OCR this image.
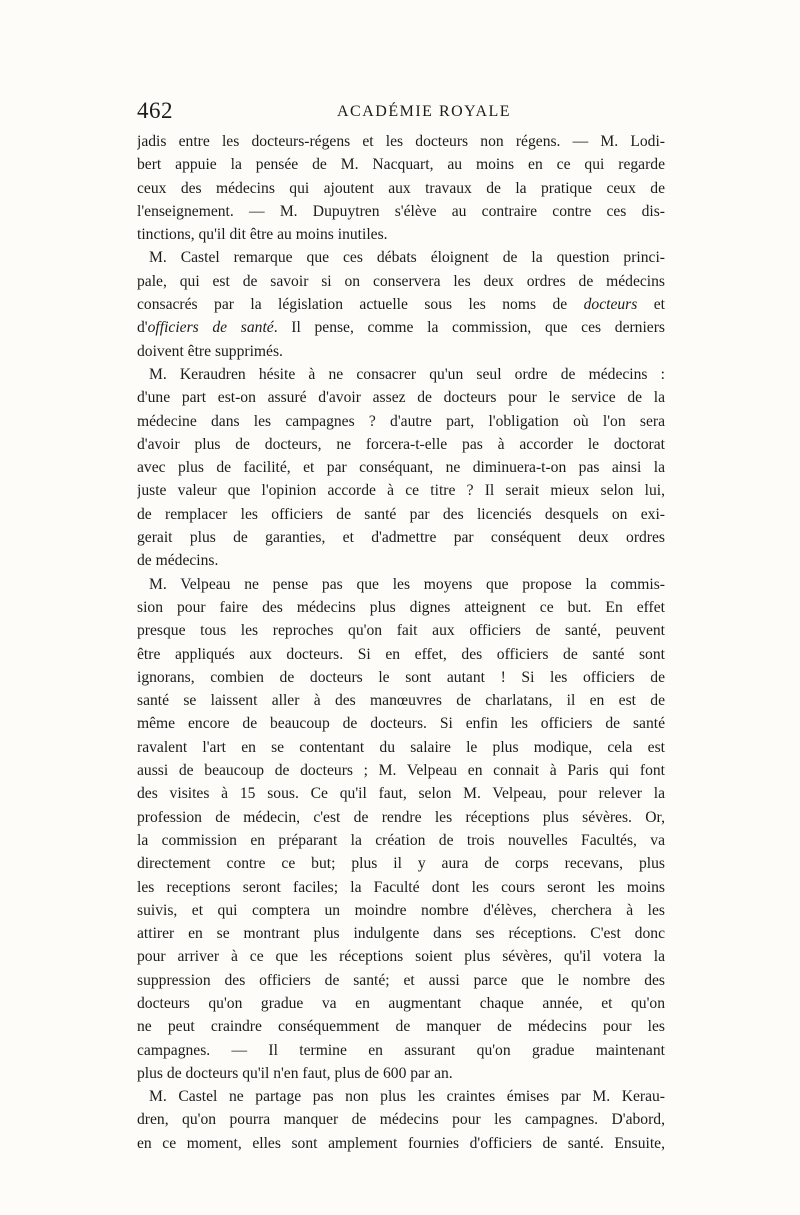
462	ACADÉMIE ROYALE
jadis entre les docteurs-régens et les docteurs non régens. — M. Lodi-
bert appuie la pensée de M. Nacquart, au moins en ce qui regarde
ceux des médecins qui ajoutent aux travaux de la pratique ceux de
l'enseignement. — M. Dupuytren s'élève au contraire contre ces dis-
tinctions, qu'il dit être au moins inutiles.
M. Castel remarque que ces débats éloignent de la question princi-
pale, qui est de savoir si on conservera les deux ordres de médecins
consacrés par la législation actuelle sous les noms de docteurs et
d'officiers de santé. Il pense, comme la commission, que ces derniers
doivent être supprimés.
M. Keraudren hésite à ne consacrer qu'un seul ordre de médecins :
d'une part est-on assuré d'avoir assez de docteurs pour le service de la
médecine dans les campagnes ? d'autre part, l'obligation où l'on sera
d'avoir plus de docteurs, ne forcera-t-elle pas à accorder le doctorat
avec plus de facilité, et par conséquant, ne diminuera-t-on pas ainsi la
juste valeur que l'opinion accorde à ce titre ? Il serait mieux selon lui,
de remplacer les officiers de santé par des licenciés desquels on exi-
gerait plus de garanties, et d'admettre par conséquent deux ordres
de médecins.
M. Velpeau ne pense pas que les moyens que propose la commis-
sion pour faire des médecins plus dignes atteignent ce but. En effet
presque tous les reproches qu'on fait aux officiers de santé, peuvent
être appliqués aux docteurs. Si en effet, des officiers de santé sont
ignorans, combien de docteurs le sont autant ! Si les officiers de
santé se laissent aller à des manœuvres de charlatans, il en est de
même encore de beaucoup de docteurs. Si enfin les officiers de santé
ravalent l'art en se contentant du salaire le plus modique, cela est
aussi de beaucoup de docteurs ; M. Velpeau en connait à Paris qui font
des visites à 15 sous. Ce qu'il faut, selon M. Velpeau, pour relever la
profession de médecin, c'est de rendre les réceptions plus sévères. Or,
la commission en préparant la création de trois nouvelles Facultés, va
directement contre ce but; plus il y aura de corps recevans, plus
les receptions seront faciles; la Faculté dont les cours seront les moins
suivis, et qui comptera un moindre nombre d'élèves, cherchera à les
attirer en se montrant plus indulgente dans ses réceptions. C'est donc
pour arriver à ce que les réceptions soient plus sévères, qu'il votera la
suppression des officiers de santé; et aussi parce que le nombre des
docteurs qu'on gradue va en augmentant chaque année, et qu'on
ne peut craindre conséquemment de manquer de médecins pour les
campagnes. — Il termine en assurant qu'on gradue maintenant
plus de docteurs qu'il n'en faut, plus de 600 par an.
M. Castel ne partage pas non plus les craintes émises par M. Kerau-
dren, qu'on pourra manquer de médecins pour les campagnes. D'abord,
en ce moment, elles sont amplement fournies d'officiers de santé. Ensuite,
